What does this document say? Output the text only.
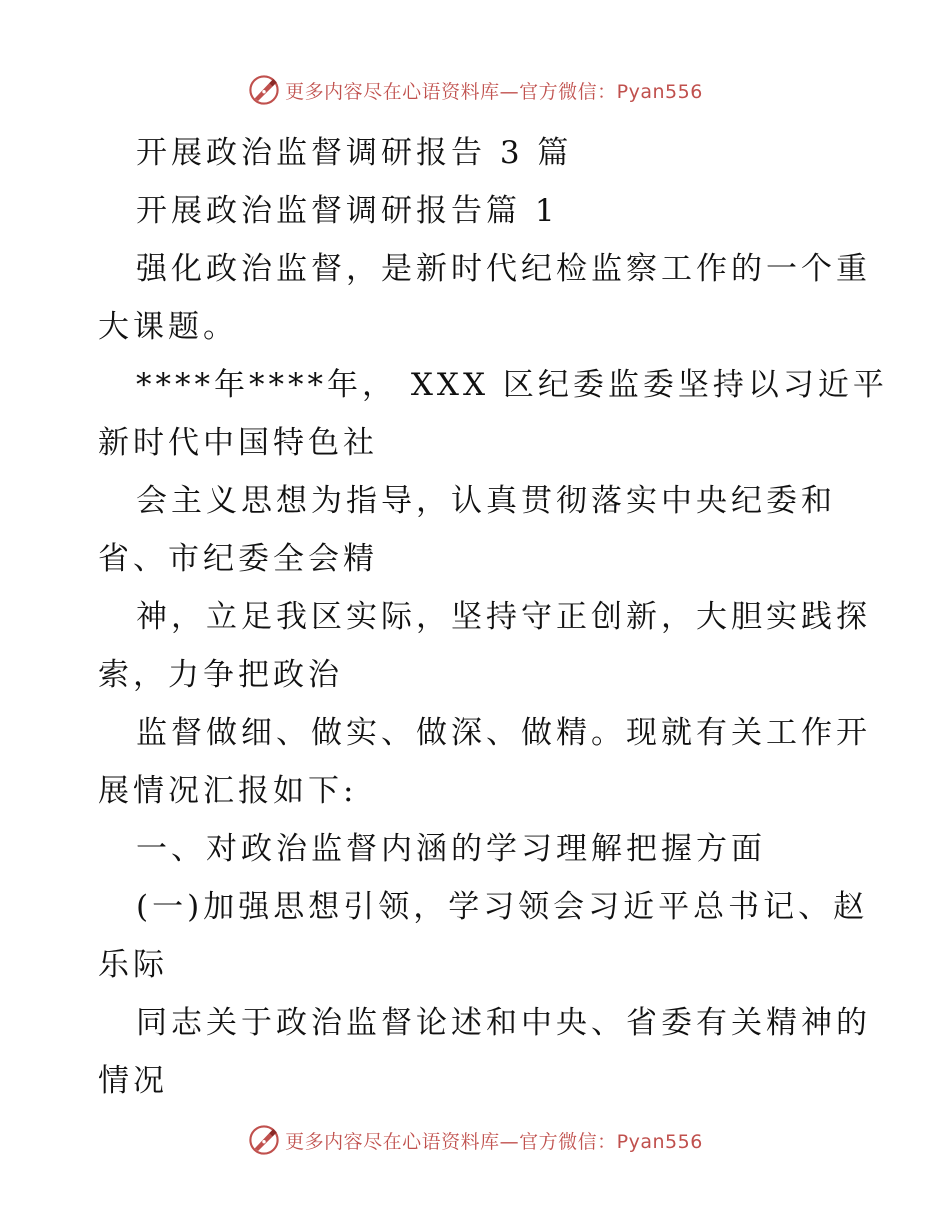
更多内容尽在心语资料库—官方微信：Pyan556
开展政治监督调研报告 3 篇
开展政治监督调研报告篇 1
强化政治监督，是新时代纪检监察工作的一个重
大课题。
****年****年， XXX 区纪委监委坚持以习近平
新时代中国特色社
会主义思想为指导，认真贯彻落实中央纪委和
省、市纪委全会精
神，立足我区实际，坚持守正创新，大胆实践探
索，力争把政治
监督做细、做实、做深、做精。现就有关工作开
展情况汇报如下:
一、对政治监督内涵的学习理解把握方面
(一)加强思想引领，学习领会习近平总书记、赵
乐际
同志关于政治监督论述和中央、省委有关精神的
情况
更多内容尽在心语资料库—官方微信：Pyan556
